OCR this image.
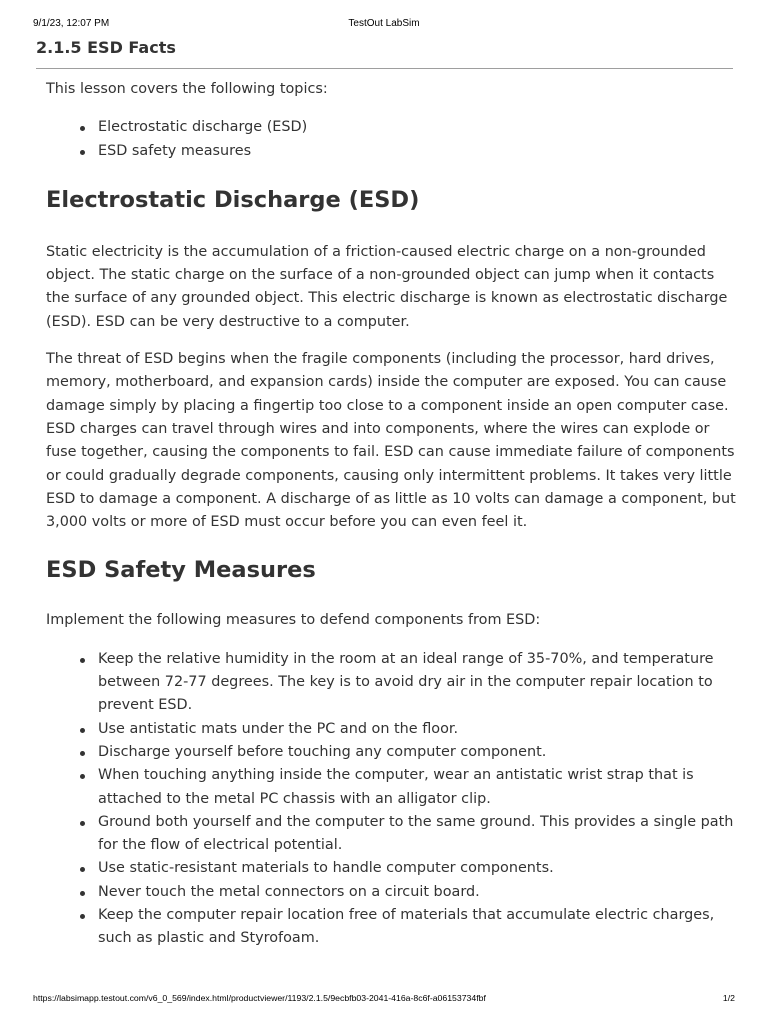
9/1/23, 12:07 PM	TestOut LabSim
2.1.5 ESD Facts

This lesson covers the following topics:

Electrostatic discharge (ESD)
ESD safety measures
Electrostatic Discharge (ESD)

Static electricity is the accumulation of a friction-caused electric charge on a non-grounded object. The static charge on the surface of a non-grounded object can jump when it contacts the surface of any grounded object. This electric discharge is known as electrostatic discharge (ESD). ESD can be very destructive to a computer.

The threat of ESD begins when the fragile components (including the processor, hard drives, memory, motherboard, and expansion cards) inside the computer are exposed. You can cause damage simply by placing a fingertip too close to a component inside an open computer case. ESD charges can travel through wires and into components, where the wires can explode or fuse together, causing the components to fail. ESD can cause immediate failure of components or could gradually degrade components, causing only intermittent problems. It takes very little ESD to damage a component. A discharge of as little as 10 volts can damage a component, but 3,000 volts or more of ESD must occur before you can even feel it.

ESD Safety Measures

Implement the following measures to defend components from ESD:

Keep the relative humidity in the room at an ideal range of 35-70%, and temperature between 72-77 degrees. The key is to avoid dry air in the computer repair location to prevent ESD.
Use antistatic mats under the PC and on the floor.
Discharge yourself before touching any computer component.
When touching anything inside the computer, wear an antistatic wrist strap that is attached to the metal PC chassis with an alligator clip.
Ground both yourself and the computer to the same ground. This provides a single path for the flow of electrical potential.
Use static-resistant materials to handle computer components.
Never touch the metal connectors on a circuit board.
Keep the computer repair location free of materials that accumulate electric charges, such as plastic and Styrofoam.
https://labsimapp.testout.com/v6_0_569/index.html/productviewer/1193/2.1.5/9ecbfb03-2041-416a-8c6f-a06153734fbf	1/2
